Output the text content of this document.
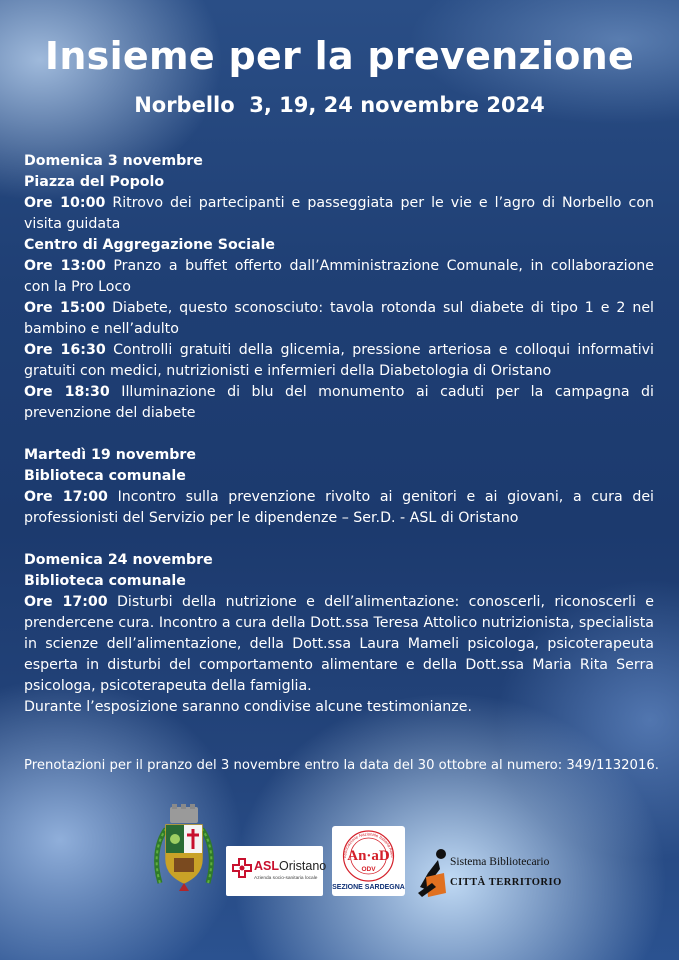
Insieme per la prevenzione
Norbello  3, 19, 24 novembre 2024

Domenica 3 novembre

Piazza del Popolo

Ore 10:00 Ritrovo dei partecipanti e passeggiata per le vie e l’agro di Norbello con visita guidata

Centro di Aggregazione Sociale

Ore 13:00 Pranzo a buffet offerto dall’Amministrazione Comunale, in collaborazione con la Pro Loco

Ore 15:00 Diabete, questo sconosciuto: tavola rotonda sul diabete di tipo 1 e 2 nel bambino e nell’adulto

Ore 16:30 Controlli gratuiti della glicemia, pressione arteriosa e colloqui informativi gratuiti con medici, nutrizionisti e infermieri della Diabetologia di Oristano

Ore 18:30 Illuminazione di blu del monumento ai caduti per la campagna di prevenzione del diabete

Martedì 19 novembre

Biblioteca comunale

Ore 17:00 Incontro sulla prevenzione rivolto ai genitori e ai giovani, a cura dei professionisti del Servizio per le dipendenze – Ser.D. - ASL di Oristano

Domenica 24 novembre

Biblioteca comunale

Ore 17:00 Disturbi della nutrizione e dell’alimentazione: conoscerli, riconoscerli e prendercene cura. Incontro a cura della Dott.ssa Teresa Attolico nutrizionista, specialista in scienze dell’alimentazione, della Dott.ssa Laura Mameli psicologa, psicoterapeuta esperta in disturbi del comportamento alimentare e della Dott.ssa Maria Rita Serra psicologa, psicoterapeuta della famiglia.

Durante l’esposizione saranno condivise alcune testimonianze.

Prenotazioni per il pranzo del 3 novembre entro la data del 30 ottobre al numero: 349/1132016.
ASLOristano
Azienda socio-sanitaria locale
Associazione Nazionale Italiana Atleti
An·aD
ODV
SEZIONE SARDEGNA
Sistema Bibliotecario
CITTÀ TERRITORIO
